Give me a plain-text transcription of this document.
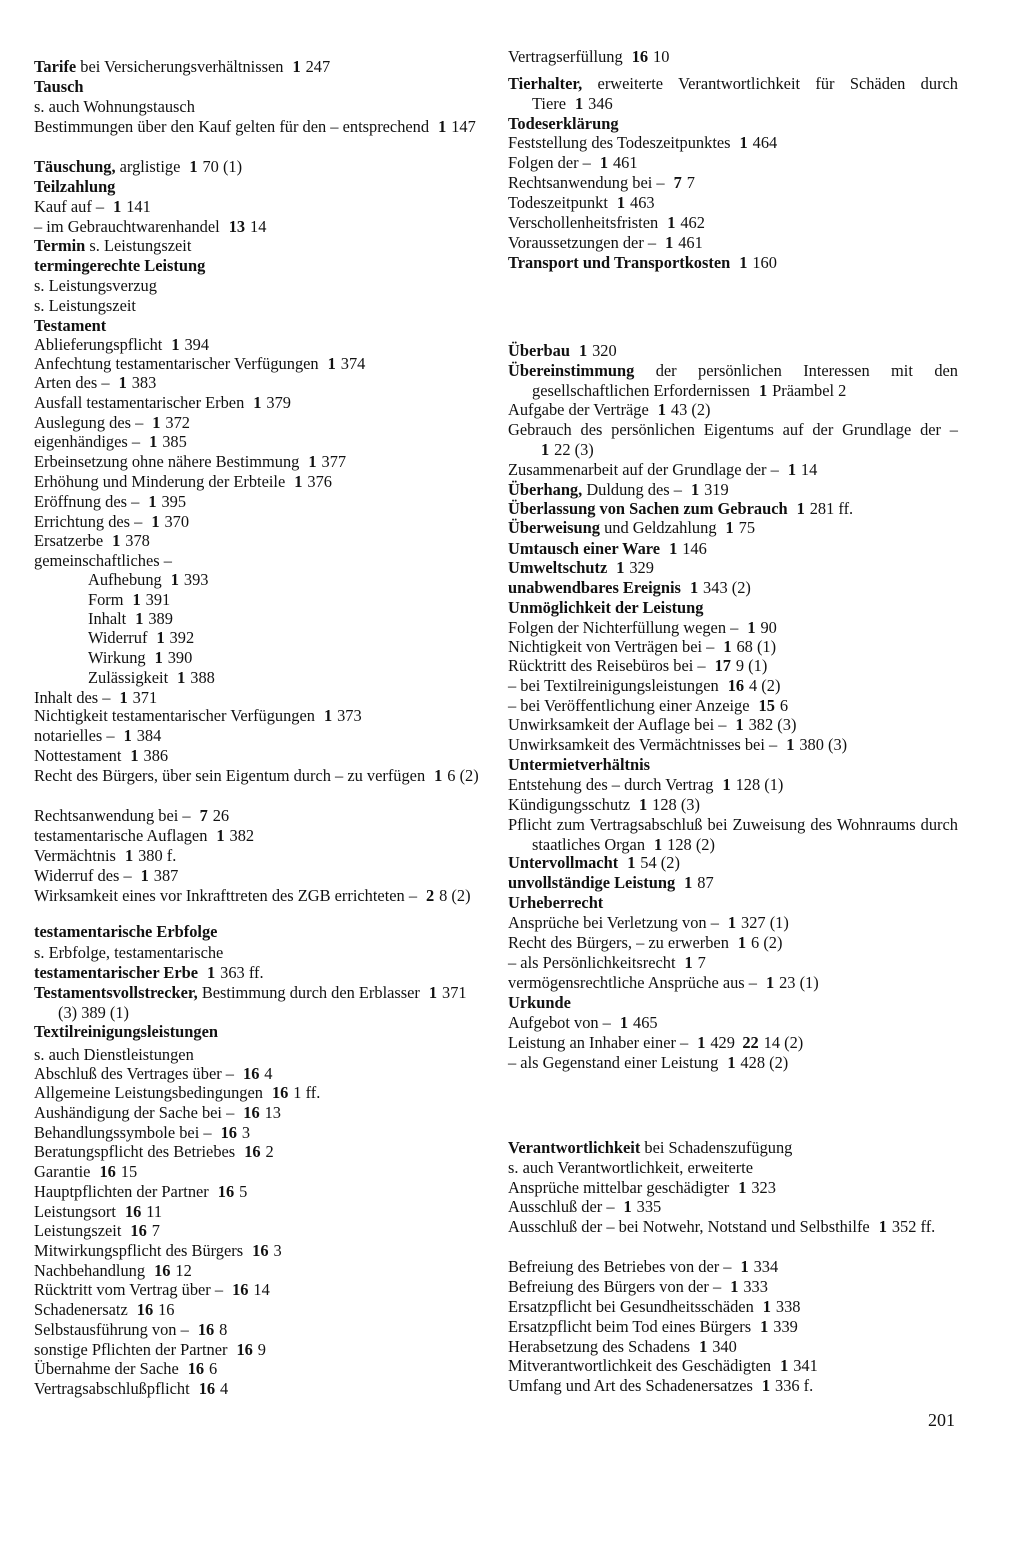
Tarife bei Versicherungsverhältnissen 1 247
Tausch
s. auch Wohnungstausch
Bestimmungen über den Kauf gelten für den – entsprechend 1 147
Täuschung, arglistige 1 70 (1)
Teilzahlung
Kauf auf – 1 141
– im Gebrauchtwarenhandel 13 14
Termin s. Leistungszeit
termingerechte Leistung
s. Leistungsverzug
s. Leistungszeit
Testament
Ablieferungspflicht 1 394
Anfechtung testamentarischer Verfügungen 1 374
Arten des – 1 383
Ausfall testamentarischer Erben 1 379
Auslegung des – 1 372
eigenhändiges – 1 385
Erbeinsetzung ohne nähere Bestimmung 1 377
Erhöhung und Minderung der Erbteile 1 376
Eröffnung des – 1 395
Errichtung des – 1 370
Ersatzerbe 1 378
gemeinschaftliches –
Aufhebung 1 393
Form 1 391
Inhalt 1 389
Widerruf 1 392
Wirkung 1 390
Zulässigkeit 1 388
Inhalt des – 1 371
Nichtigkeit testamentarischer Verfügungen 1 373
notarielles – 1 384
Nottestament 1 386
Recht des Bürgers, über sein Eigentum durch – zu verfügen 1 6 (2)
Rechtsanwendung bei – 7 26
testamentarische Auflagen 1 382
Vermächtnis 1 380 f.
Widerruf des – 1 387
Wirksamkeit eines vor Inkrafttreten des ZGB errichteten – 2 8 (2)
testamentarische Erbfolge
s. Erbfolge, testamentarische
testamentarischer Erbe 1 363 ff.
Testamentsvollstrecker, Bestimmung durch den Erblasser 1 371 (3) 389 (1)
Textilreinigungsleistungen
s. auch Dienstleistungen
Abschluß des Vertrages über – 16 4
Allgemeine Leistungsbedingungen 16 1 ff.
Aushändigung der Sache bei – 16 13
Behandlungssymbole bei – 16 3
Beratungspflicht des Betriebes 16 2
Garantie 16 15
Hauptpflichten der Partner 16 5
Leistungsort 16 11
Leistungszeit 16 7
Mitwirkungspflicht des Bürgers 16 3
Nachbehandlung 16 12
Rücktritt vom Vertrag über – 16 14
Schadenersatz 16 16
Selbstausführung von – 16 8
sonstige Pflichten der Partner 16 9
Übernahme der Sache 16 6
Vertragsabschlußpflicht 16 4
Vertragserfüllung 16 10
Tierhalter, erweiterte Verantwortlichkeit für Schäden durch Tiere 1 346
Todeserklärung
Feststellung des Todeszeitpunktes 1 464
Folgen der – 1 461
Rechtsanwendung bei – 7 7
Todeszeitpunkt 1 463
Verschollenheitsfristen 1 462
Voraussetzungen der – 1 461
Transport und Transportkosten 1 160
Überbau 1 320
Übereinstimmung der persönlichen Interessen mit den gesellschaftlichen Erfordernissen 1 Präambel 2
Aufgabe der Verträge 1 43 (2)
Gebrauch des persönlichen Eigentums auf der Grundlage der –1 22 (3)
Zusammenarbeit auf der Grundlage der – 1 14
Überhang, Duldung des – 1 319
Überlassung von Sachen zum Gebrauch 1 281 ff.
Überweisung und Geldzahlung 1 75
Umtausch einer Ware 1 146
Umweltschutz 1 329
unabwendbares Ereignis 1 343 (2)
Unmöglichkeit der Leistung
Folgen der Nichterfüllung wegen – 1 90
Nichtigkeit von Verträgen bei – 1 68 (1)
Rücktritt des Reisebüros bei – 17 9 (1)
– bei Textilreinigungsleistungen 16 4 (2)
– bei Veröffentlichung einer Anzeige 15 6
Unwirksamkeit der Auflage bei – 1 382 (3)
Unwirksamkeit des Vermächtnisses bei – 1 380 (3)
Untermietverhältnis
Entstehung des – durch Vertrag 1 128 (1)
Kündigungsschutz 1 128 (3)
Pflicht zum Vertragsabschluß bei Zuweisung des Wohnraums durch staatliches Organ 1 128 (2)
Untervollmacht 1 54 (2)
unvollständige Leistung 1 87
Urheberrecht
Ansprüche bei Verletzung von – 1 327 (1)
Recht des Bürgers, – zu erwerben 1 6 (2)
– als Persönlichkeitsrecht 1 7
vermögensrechtliche Ansprüche aus – 1 23 (1)
Urkunde
Aufgebot von – 1 465
Leistung an Inhaber einer – 1 429 22 14 (2)
– als Gegenstand einer Leistung 1 428 (2)
Verantwortlichkeit bei Schadenszufügung
s. auch Verantwortlichkeit, erweiterte
Ansprüche mittelbar geschädigter 1 323
Ausschluß der – 1 335
Ausschluß der – bei Notwehr, Notstand und Selbsthilfe 1 352 ff.
Befreiung des Betriebes von der – 1 334
Befreiung des Bürgers von der – 1 333
Ersatzpflicht bei Gesundheitsschäden 1 338
Ersatzpflicht beim Tod eines Bürgers 1 339
Herabsetzung des Schadens 1 340
Mitverantwortlichkeit des Geschädigten 1 341
Umfang und Art des Schadenersatzes 1 336 f.
201
